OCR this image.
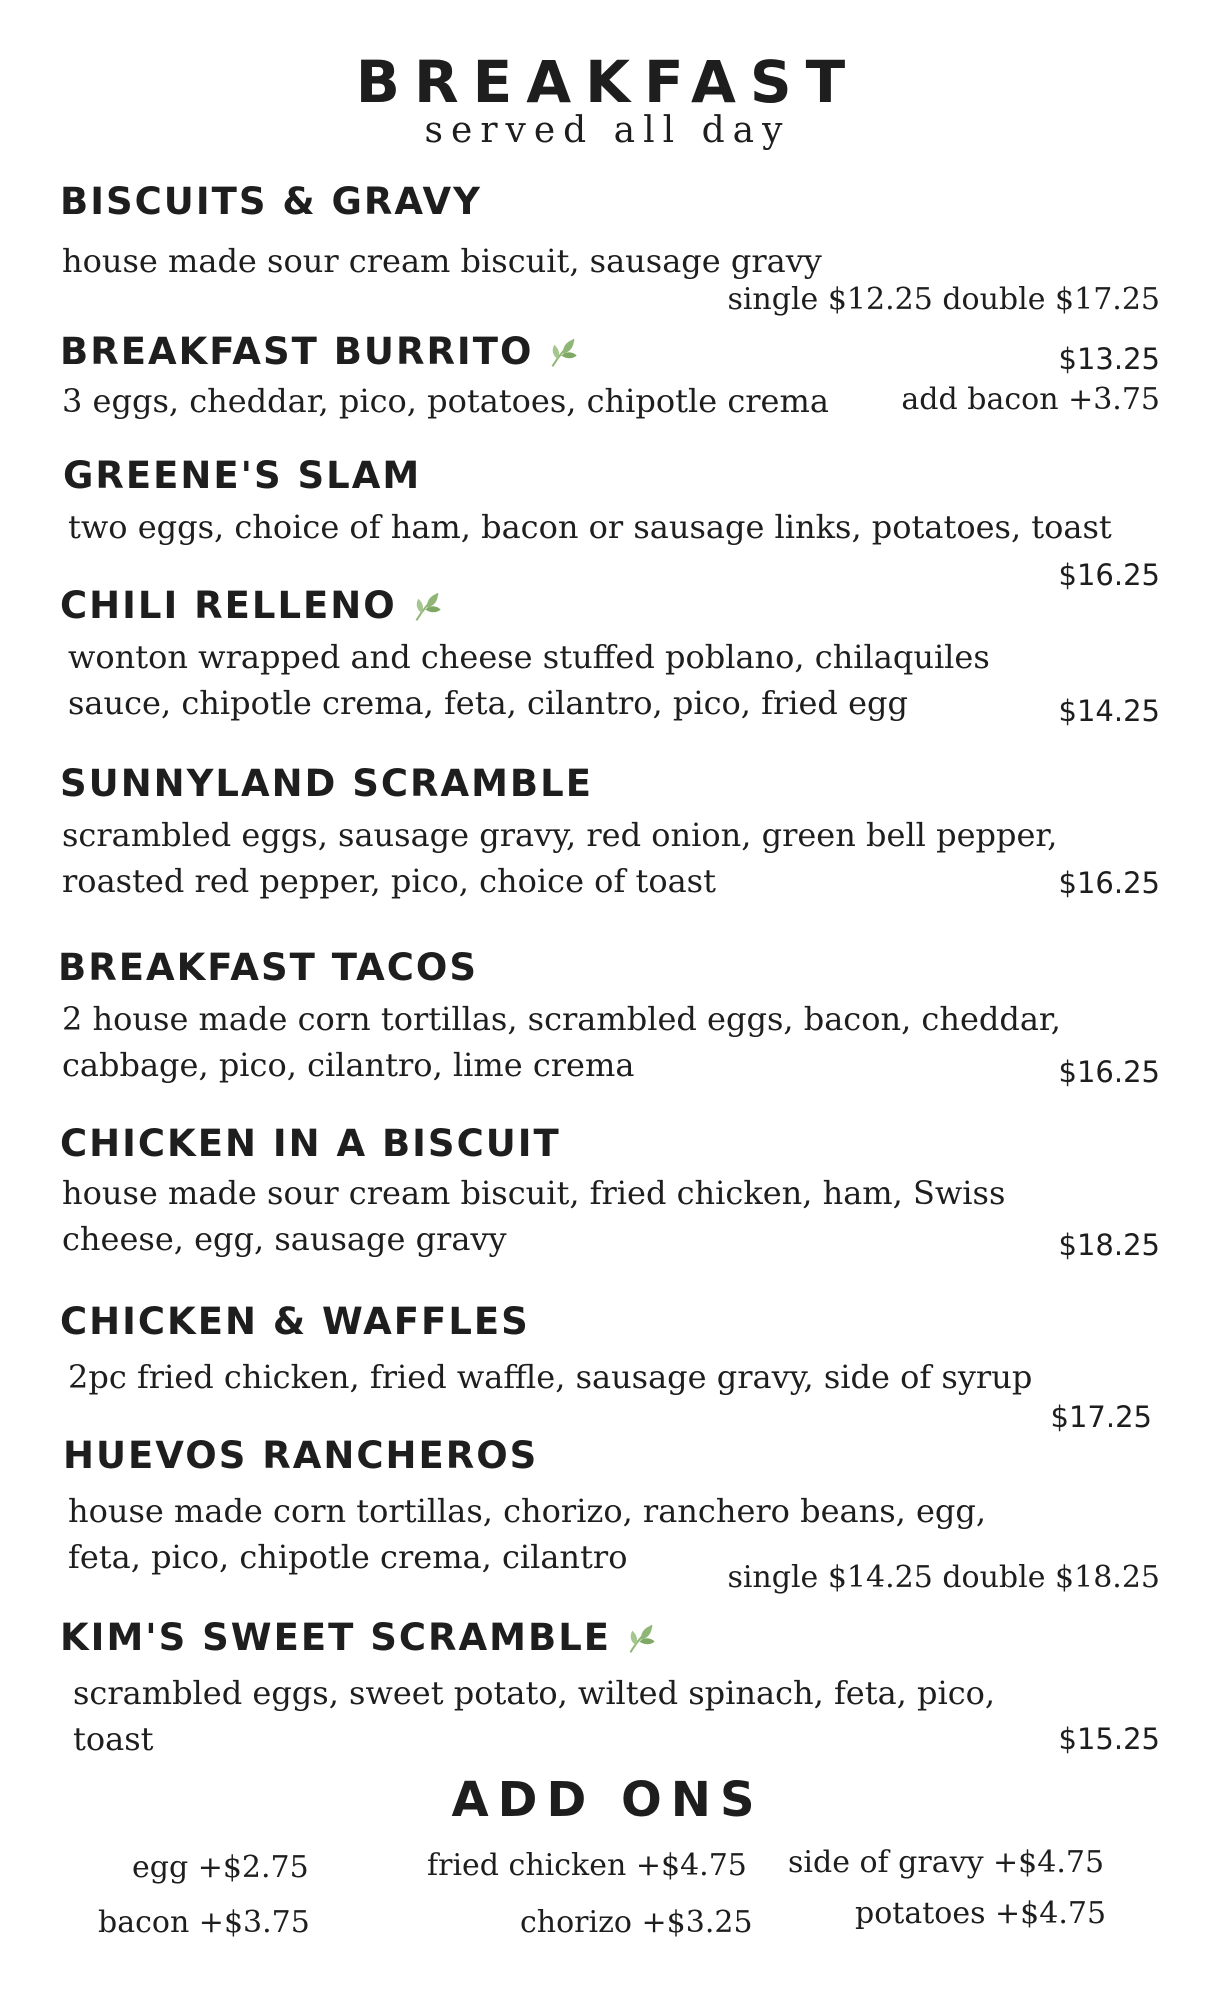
BREAKFAST
served all day
BISCUITS & GRAVY
house made sour cream biscuit, sausage gravy
single $12.25 double $17.25
BREAKFAST BURRITO	$13.25
3 eggs, cheddar, pico, potatoes, chipotle crema	add bacon +3.75
GREENE'S SLAM
two eggs, choice of ham, bacon or sausage links, potatoes, toast
$16.25
CHILI RELLENO
wonton wrapped and cheese stuffed poblano, chilaquiles sauce, chipotle crema, feta, cilantro, pico, fried egg	$14.25
SUNNYLAND SCRAMBLE
scrambled eggs, sausage gravy, red onion, green bell pepper, roasted red pepper, pico, choice of toast	$16.25
BREAKFAST TACOS
2 house made corn tortillas, scrambled eggs, bacon, cheddar, cabbage, pico, cilantro, lime crema	$16.25
CHICKEN IN A BISCUIT
house made sour cream biscuit, fried chicken, ham, Swiss cheese, egg, sausage gravy	$18.25
CHICKEN & WAFFLES
2pc fried chicken, fried waffle, sausage gravy, side of syrup
$17.25
HUEVOS RANCHEROS
house made corn tortillas, chorizo, ranchero beans, egg, feta, pico, chipotle crema, cilantro
single $14.25 double $18.25
KIM'S SWEET SCRAMBLE
scrambled eggs, sweet potato, wilted spinach, feta, pico, toast	$15.25
ADD ONS
egg +$2.75
bacon +$3.75
fried chicken +$4.75
chorizo +$3.25
side of gravy +$4.75
potatoes +$4.75
